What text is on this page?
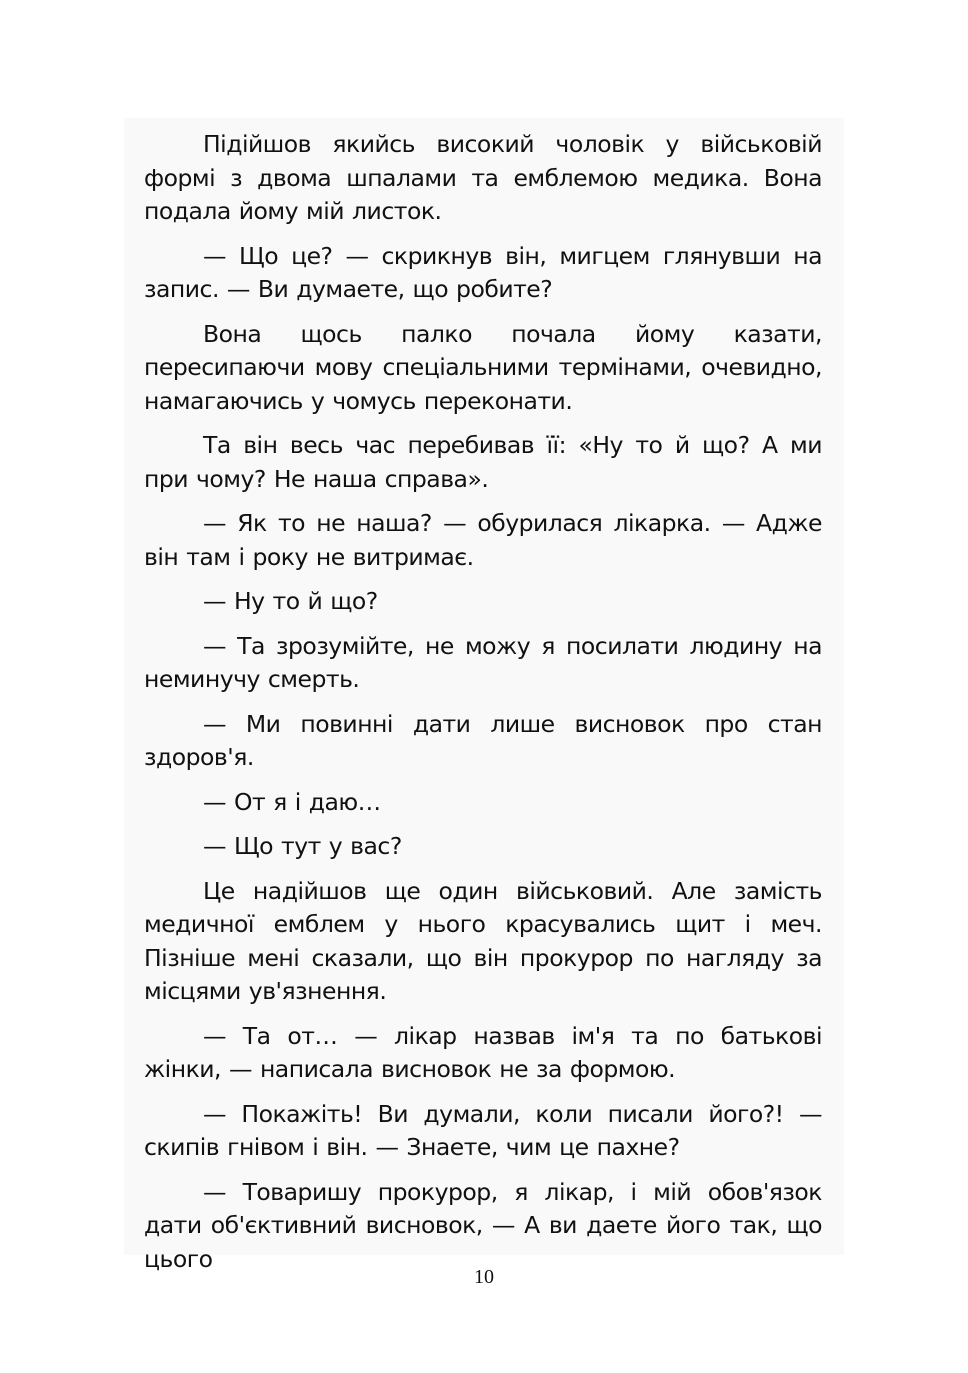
Підійшов якийсь високий чоловік у військовій формі з двома шпалами та емблемою медика. Вона подала йому мій листок.

— Що це? — скрикнув він, мигцем глянувши на запис. — Ви думаете, що робите?

Вона щось палко почала йому казати, пересипаючи мову спеціальними термінами, очевидно, намагаючись у чомусь переконати.

Та він весь час перебивав її: «Ну то й що? А ми при чому? Не наша справа».

— Як то не наша? — обурилася лікарка. — Адже він там і року не витримає.

— Ну то й що?

— Та зрозумійте, не можу я посилати людину на неминучу смерть.

— Ми повинні дати лише висновок про стан здоров'я.

— От я і даю…

— Що тут у вас?

Це надійшов ще один військовий. Але замість медичної емблем у нього красувались щит і меч. Пізніше мені сказали, що він прокурор по нагляду за місцями ув'язнення.

— Та от… — лікар назвав ім'я та по батькові жінки, — написала висновок не за формою.

— Покажіть! Ви думали, коли писали його?! — скипів гнівом і він. — Знаете, чим це пахне?

— Товаришу прокурор, я лікар, і мій обов'язок дати об'єктивний висновок, — А ви даете його так, що цього

10
